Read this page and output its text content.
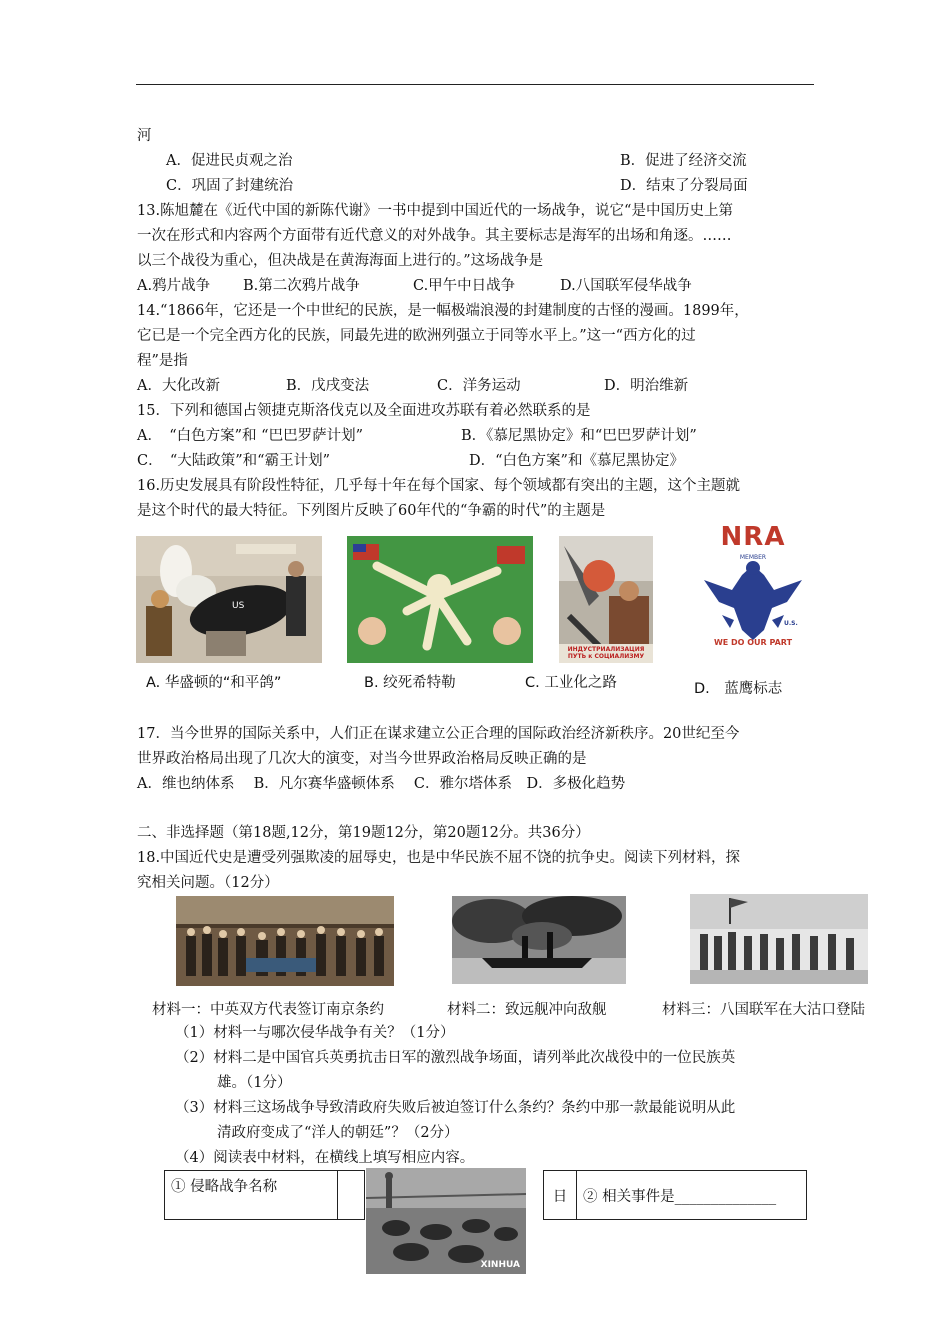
河
A．促进民贞观之治	B．促进了经济交流
C．巩固了封建统治	D．结束了分裂局面
13.陈旭麓在《近代中国的新陈代谢》一书中提到中国近代的一场战争，说它“是中国历史上第
一次在形式和内容两个方面带有近代意义的对外战争。其主要标志是海军的出场和角逐。……
以三个战役为重心，但决战是在黄海海面上进行的。”这场战争是
A.鸦片战争 B.第二次鸦片战争	C.甲午中日战争	D.八国联军侵华战争
14.“1866年，它还是一个中世纪的民族，是一幅极端浪漫的封建制度的古怪的漫画。1899年，
它已是一个完全西方化的民族，同最先进的欧洲列强立于同等水平上。”这一“西方化的过
程”是指
A．大化改新	B．戊戌变法	C．洋务运动	D．明治维新
15．下列和德国占领捷克斯洛伐克以及全面进攻苏联有着必然联系的是
A．　“白色方案”和 “巴巴罗萨计划”	B．《慕尼黑协定》和“巴巴罗萨计划”
C．　“大陆政策”和“霸王计划”	D．“白色方案”和《慕尼黑协定》
16.历史发展具有阶段性特征，几乎每十年在每个国家、每个领域都有突出的主题，这个主题就
是这个时代的最大特征。下列图片反映了60年代的“争霸的时代”的主题是
US
ИНДУСТРИАЛИЗАЦИЯ ПУТЬ к СОЦИАЛИЗМУ
NRA
MEMBER
U.S.
WE DO OUR PART
A. 华盛顿的“和平鸽”	B. 绞死希特勒	C. 工业化之路	D.　蓝鹰标志
17．当今世界的国际关系中，人们正在谋求建立公正合理的国际政治经济新秩序。20世纪至今
世界政治格局出现了几次大的演变，对当今世界政治格局反映正确的是
A．维也纳体系　 B．凡尔赛华盛顿体系　 C．雅尔塔体系　D．多极化趋势
二、非选择题（第18题,12分，第19题12分，第20题12分。共36分）
18.中国近代史是遭受列强欺凌的屈辱史，也是中华民族不屈不饶的抗争史。阅读下列材料，探
究相关问题。（12分）
材料一：中英双方代表签订南京条约	材料二：致远舰冲向敌舰	材料三：八国联军在大沽口登陆
（1）材料一与哪次侵华战争有关？（1分）
（2）材料二是中国官兵英勇抗击日军的激烈战争场面，请列举此次战役中的一位民族英
雄。（1分）
（3）材料三这场战争导致清政府失败后被迫签订什么条约？条约中那一款最能说明从此
清政府变成了“洋人的朝廷”？（2分）
（4）阅读表中材料，在横线上填写相应内容。
① 侵略战争名称			日	② 相关事件是______________
XINHUA
